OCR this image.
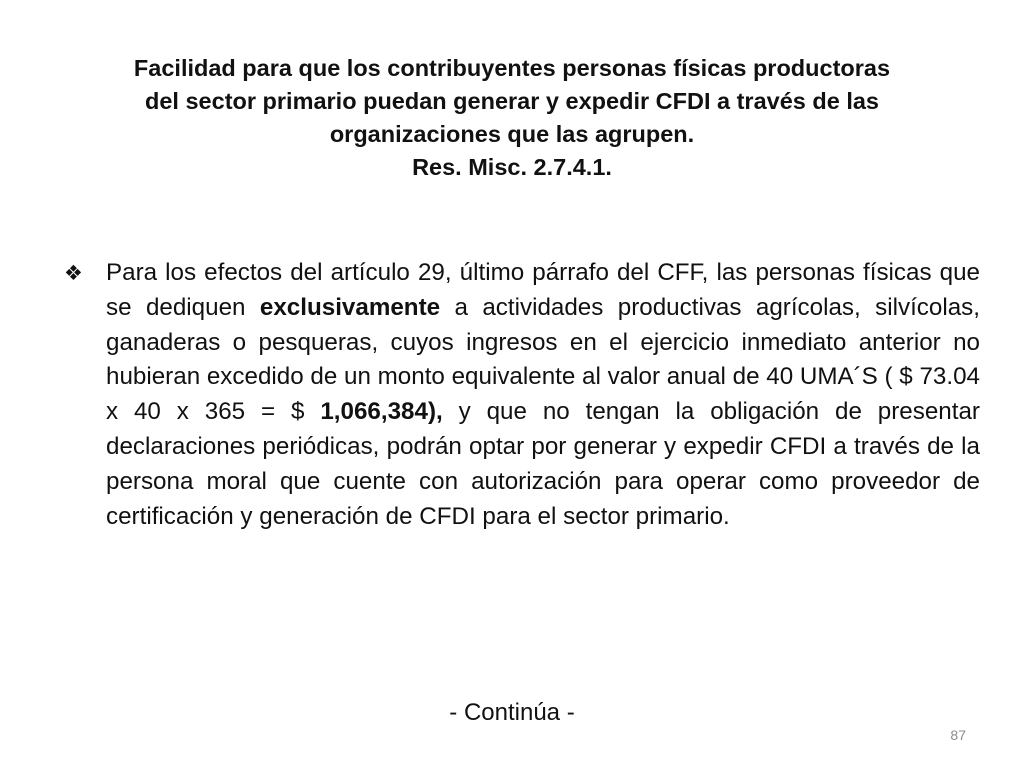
Facilidad para que los contribuyentes personas físicas productoras
del sector primario puedan generar y expedir CFDI a través de las
organizaciones que las agrupen.
Res. Misc. 2.7.4.1.
❖ Para los efectos del artículo 29, último párrafo del CFF, las personas físicas que se dediquen exclusivamente a actividades productivas agrícolas, silvícolas, ganaderas o pesqueras, cuyos ingresos en el ejercicio inmediato anterior no hubieran excedido de un monto equivalente al valor anual de 40 UMA´S ( $ 73.04 x 40 x 365 = $ 1,066,384), y que no tengan la obligación de presentar declaraciones periódicas, podrán optar por generar y expedir CFDI a través de la persona moral que cuente con autorización para operar como proveedor de certificación y generación de CFDI para el sector primario.

- Continúa -
87
